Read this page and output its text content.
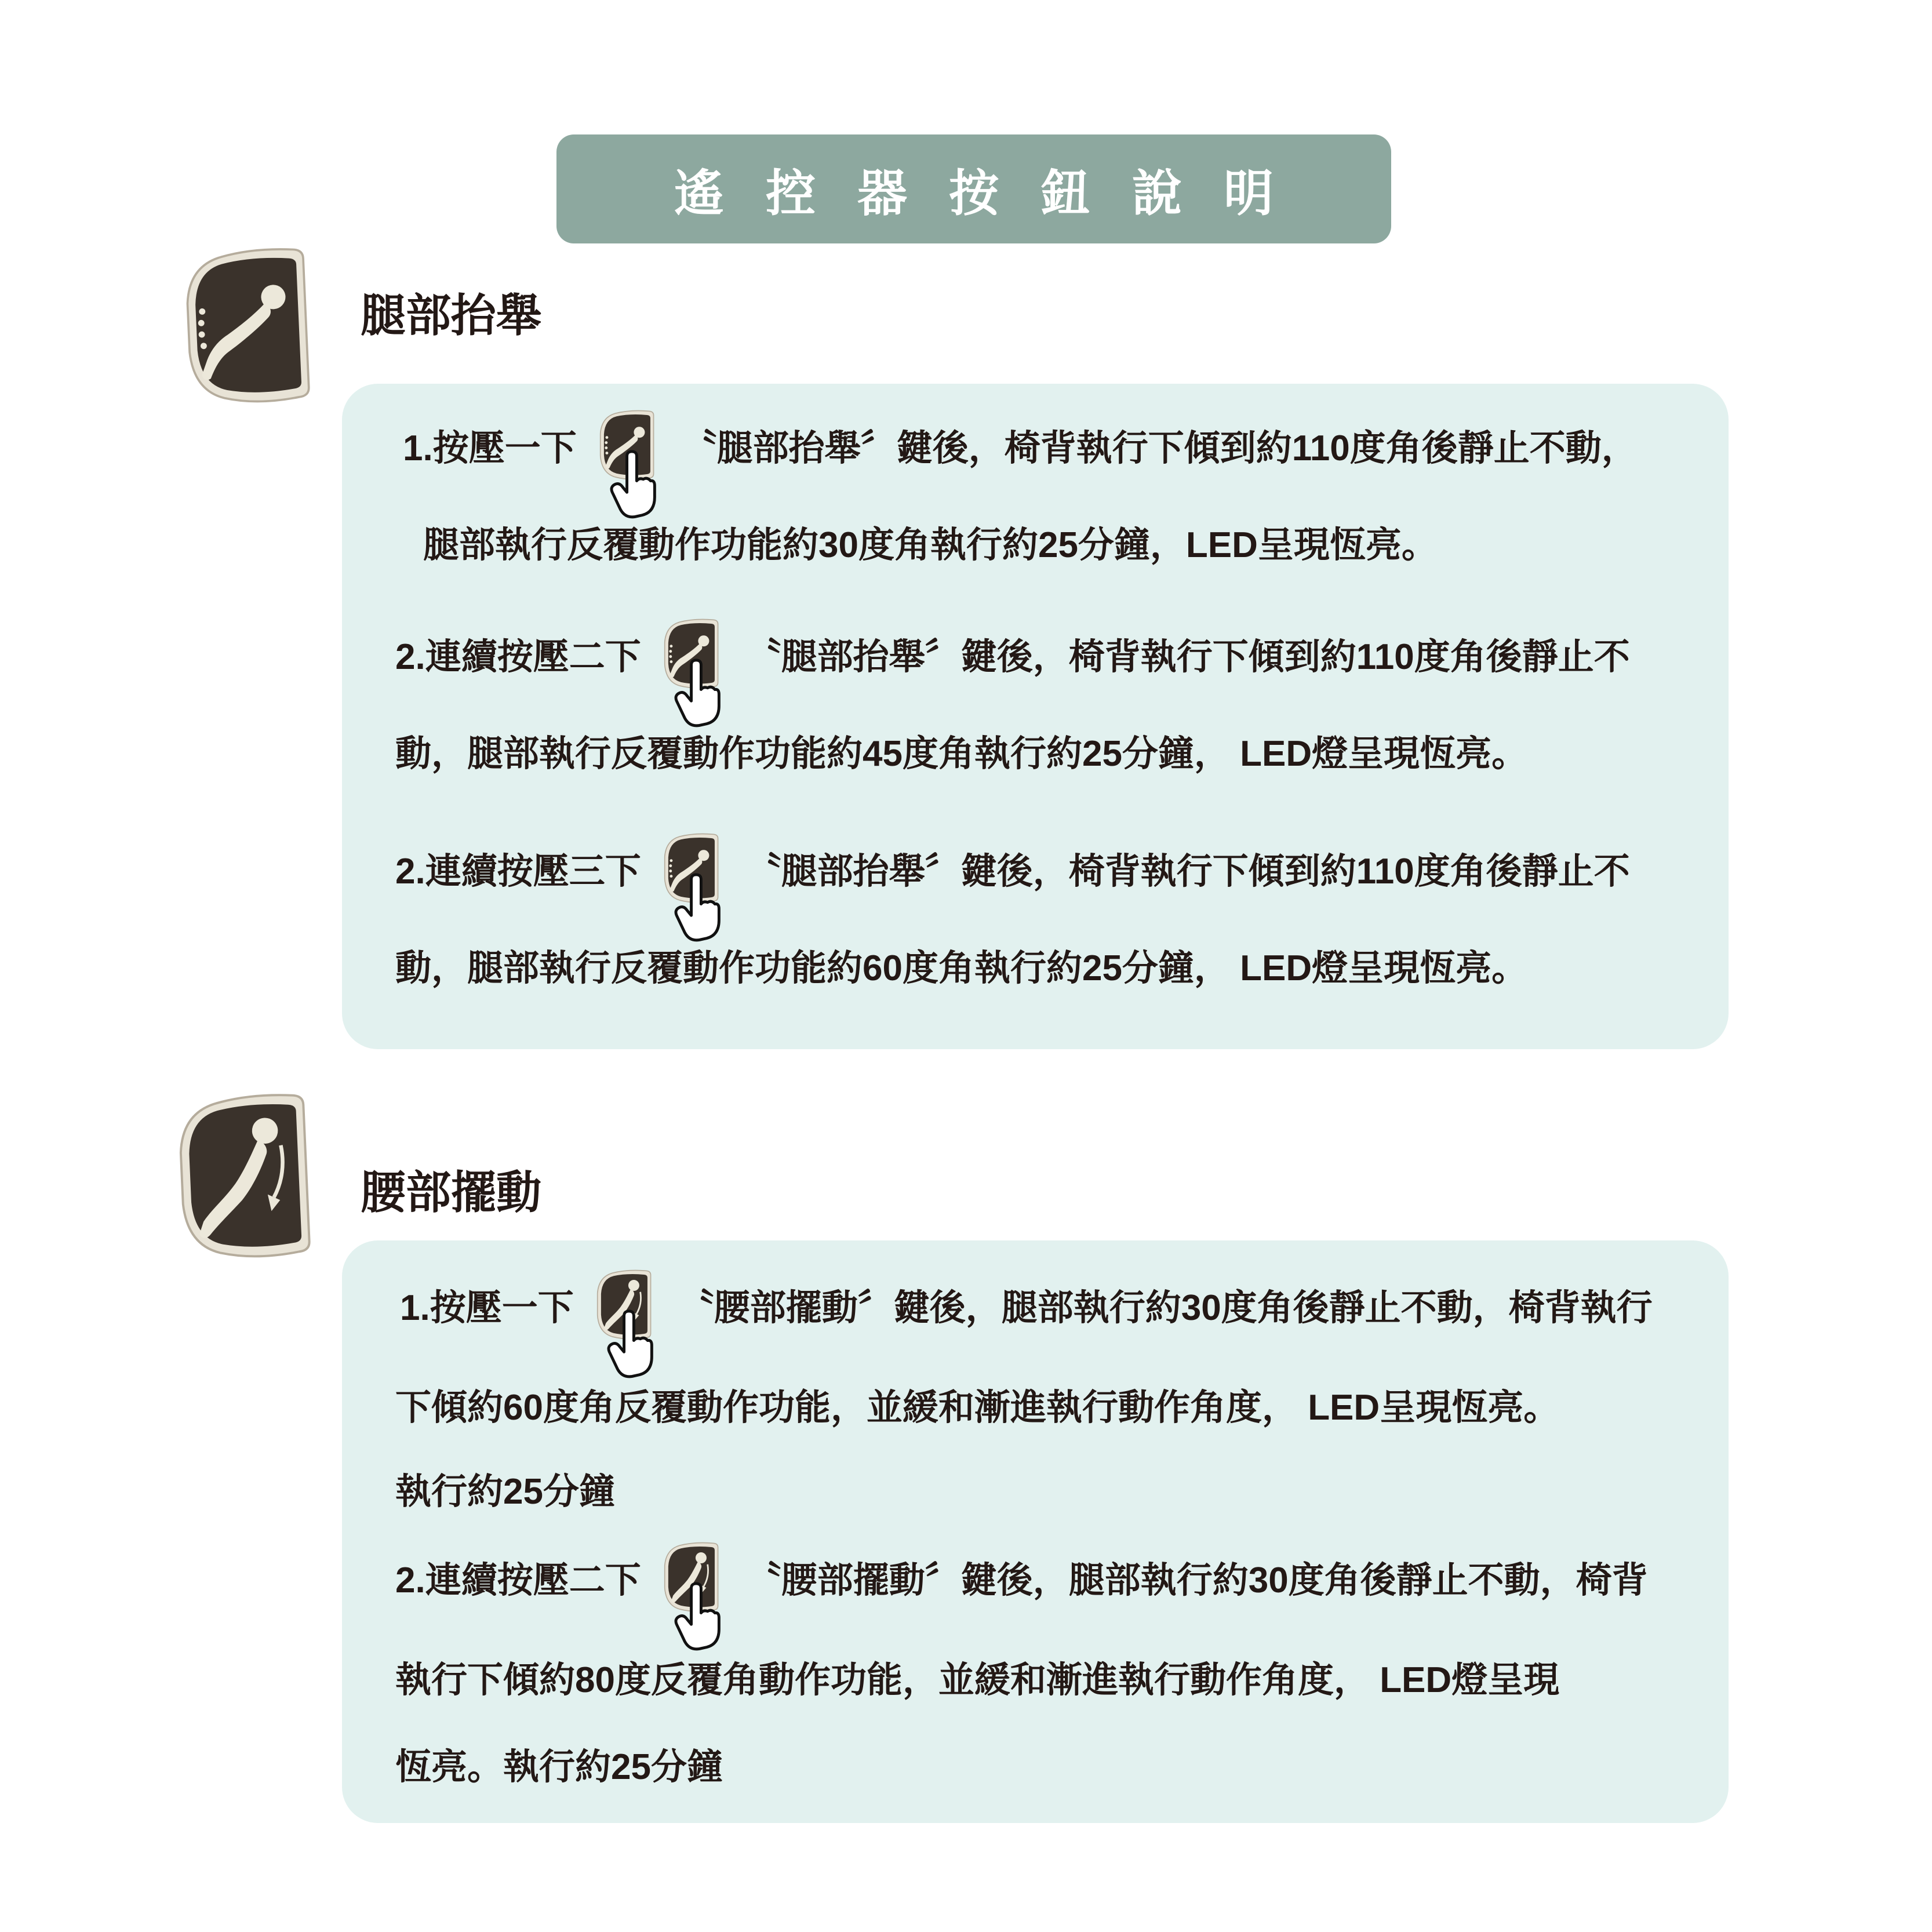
遙控器按鈕說明
腿部抬舉
1.按壓一下	〝腿部抬舉〞鍵後，椅背執行下傾到約110度角後靜止不動，
腿部執行反覆動作功能約30度角執行約25分鐘，LED呈現恆亮。
2.連續按壓二下	〝腿部抬舉〞鍵後，椅背執行下傾到約110度角後靜止不
動，腿部執行反覆動作功能約45度角執行約25分鐘， LED燈呈現恆亮。
2.連續按壓三下	〝腿部抬舉〞鍵後，椅背執行下傾到約110度角後靜止不
動，腿部執行反覆動作功能約60度角執行約25分鐘， LED燈呈現恆亮。
腰部擺動
1.按壓一下	〝腰部擺動〞鍵後，腿部執行約30度角後靜止不動，椅背執行
下傾約60度角反覆動作功能，並緩和漸進執行動作角度， LED呈現恆亮。
執行約25分鐘
2.連續按壓二下	〝腰部擺動〞鍵後，腿部執行約30度角後靜止不動，椅背
執行下傾約80度反覆角動作功能，並緩和漸進執行動作角度， LED燈呈現
恆亮。執行約25分鐘
